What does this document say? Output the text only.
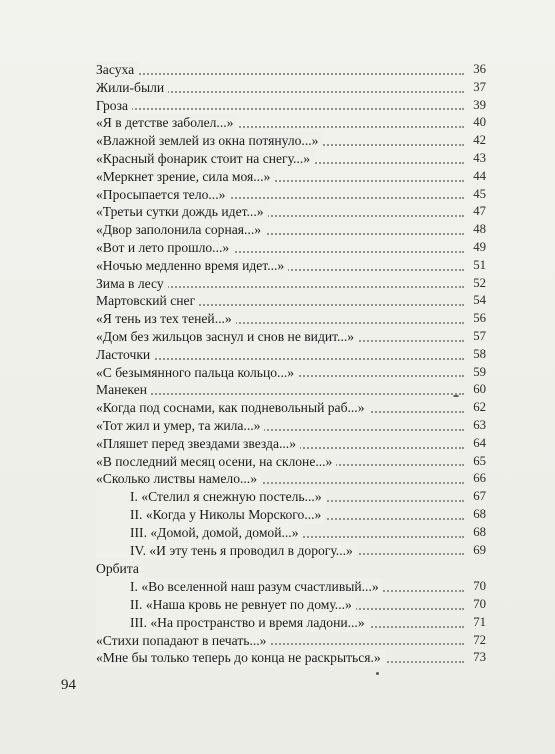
Засуха	36
Жили-были	37
Гроза	39
«Я в детстве заболел...»	40
«Влажной землей из окна потянуло...»	42
«Красный фонарик стоит на снегу...»	43
«Меркнет зрение, сила моя...»	44
«Просыпается тело...»	45
«Третьи сутки дождь идет...»	47
«Двор заполонила сорная...»	48
«Вот и лето прошло...»	49
«Ночью медленно время идет...»	51
Зима в лесу	52
Мартовский снег	54
«Я тень из тех теней...»	56
«Дом без жильцов заснул и снов не видит...»	57
Ласточки	58
«С безымянного пальца кольцо...»	59
Манекен	60
«Когда под соснами, как подневольный раб...»	62
«Тот жил и умер, та жила...»	63
«Пляшет перед звездами звезда...»	64
«В последний месяц осени, на склоне...»	65
«Сколько листвы намело...»	66
I. «Стелил я снежную постель...»	67
II. «Когда у Николы Морского...»	68
III. «Домой, домой, домой...»	68
IV. «И эту тень я проводил в дорогу...»	69
Орбита
I. «Во вселенной наш разум счастливый...»	70
II. «Наша кровь не ревнует по дому...»	70
III. «На пространство и время ладони...»	71
«Стихи попадают в печать...»	72
«Мне бы только теперь до конца не раскрыться.»	73
94
